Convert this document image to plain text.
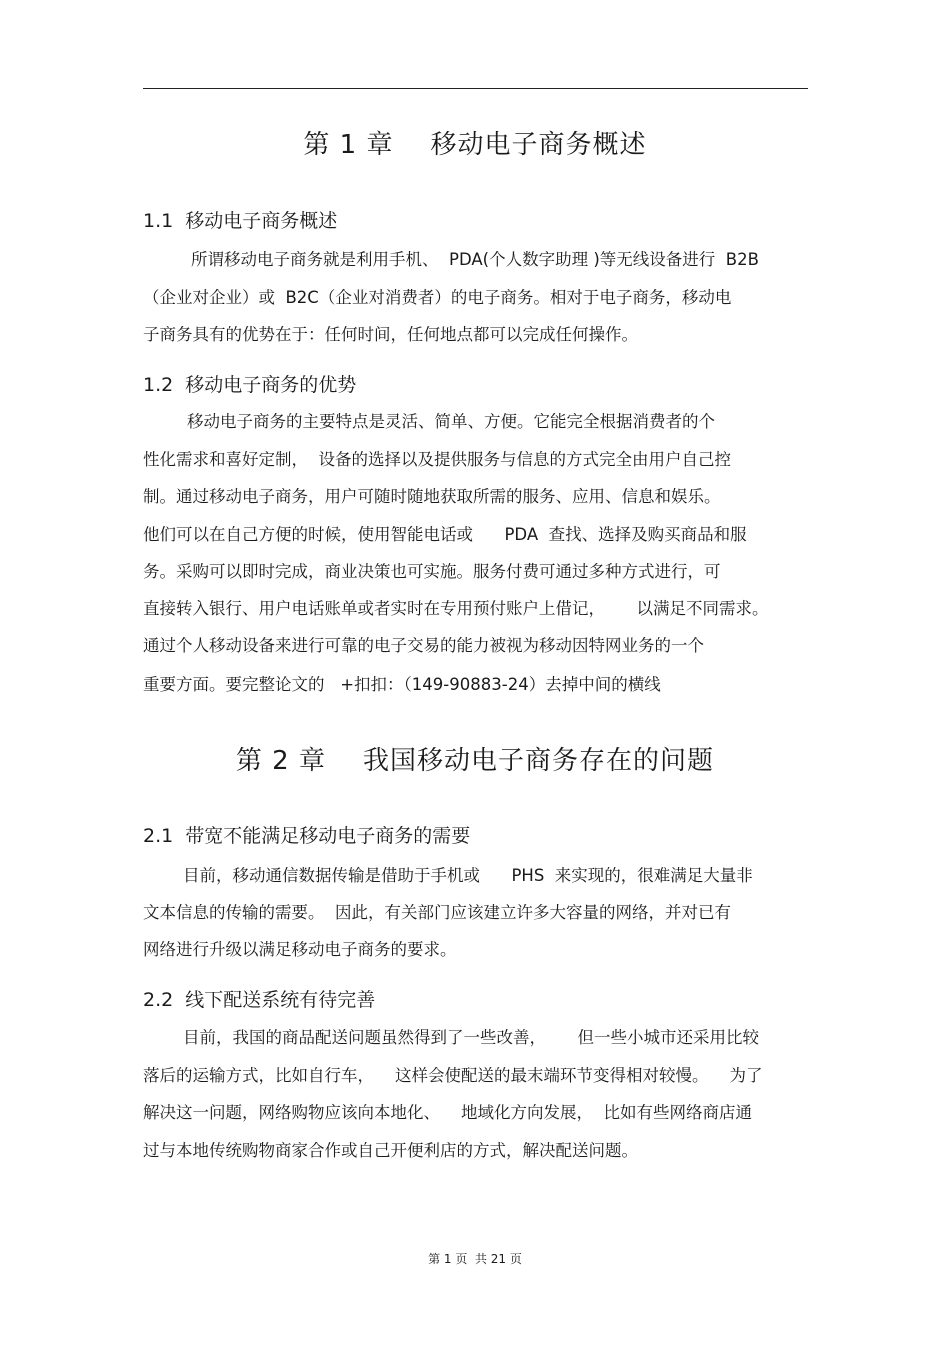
第 1 章    移动电子商务概述
1.1  移动电子商务概述
所谓移动电子商务就是利用手机、  PDA(个人数字助理 )等无线设备进行  B2B
（企业对企业）或  B2C（企业对消费者）的电子商务。相对于电子商务，移动电
子商务具有的优势在于：任何时间，任何地点都可以完成任何操作。
1.2  移动电子商务的优势
移动电子商务的主要特点是灵活、简单、方便。它能完全根据消费者的个
性化需求和喜好定制，  设备的选择以及提供服务与信息的方式完全由用户自己控
制。通过移动电子商务，用户可随时随地获取所需的服务、应用、信息和娱乐。
他们可以在自己方便的时候，使用智能电话或      PDA  查找、选择及购买商品和服
务。采购可以即时完成，商业决策也可实施。服务付费可通过多种方式进行，可
直接转入银行、用户电话账单或者实时在专用预付账户上借记，      以满足不同需求。
通过个人移动设备来进行可靠的电子交易的能力被视为移动因特网业务的一个
重要方面。要完整论文的   +扣扣：（149-90883-24）去掉中间的横线
第 2 章    我国移动电子商务存在的问题
2.1  带宽不能满足移动电子商务的需要
目前，移动通信数据传输是借助于手机或      PHS  来实现的，很难满足大量非
文本信息的传输的需要。  因此，有关部门应该建立许多大容量的网络，并对已有
网络进行升级以满足移动电子商务的要求。
2.2  线下配送系统有待完善
目前，我国的商品配送问题虽然得到了一些改善，      但一些小城市还采用比较
落后的运输方式，比如自行车，    这样会使配送的最末端环节变得相对较慢。    为了
解决这一问题，网络购物应该向本地化、    地域化方向发展，  比如有些网络商店通
过与本地传统购物商家合作或自己开便利店的方式，解决配送问题。
第 1 页  共 21 页
